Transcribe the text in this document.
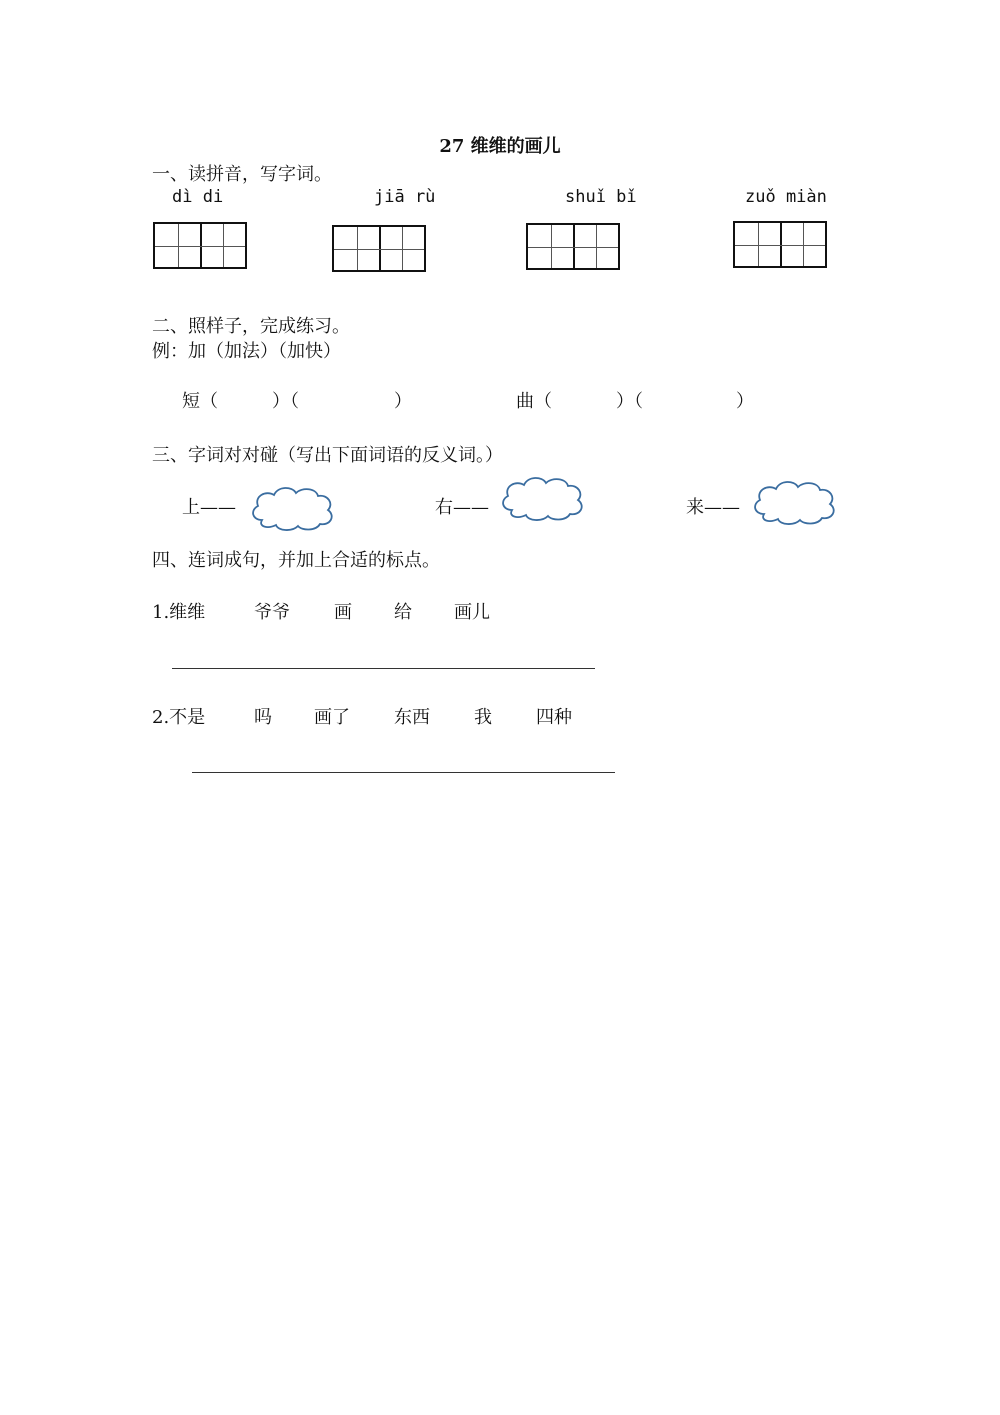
27 维维的画儿
一、读拼音，写字词。
dì di	jiā rù	shuǐ bǐ	zuǒ miàn
二、照样子，完成练习。
例：加（加法）（加快）
短（	）（	）	曲（	）（	）
三、字词对对碰（写出下面词语的反义词。）
上——	右——	来——
四、连词成句，并加上合适的标点。
1.维维	爷爷 画 给 画儿
2.不是	吗 画了 东西 我 四种
